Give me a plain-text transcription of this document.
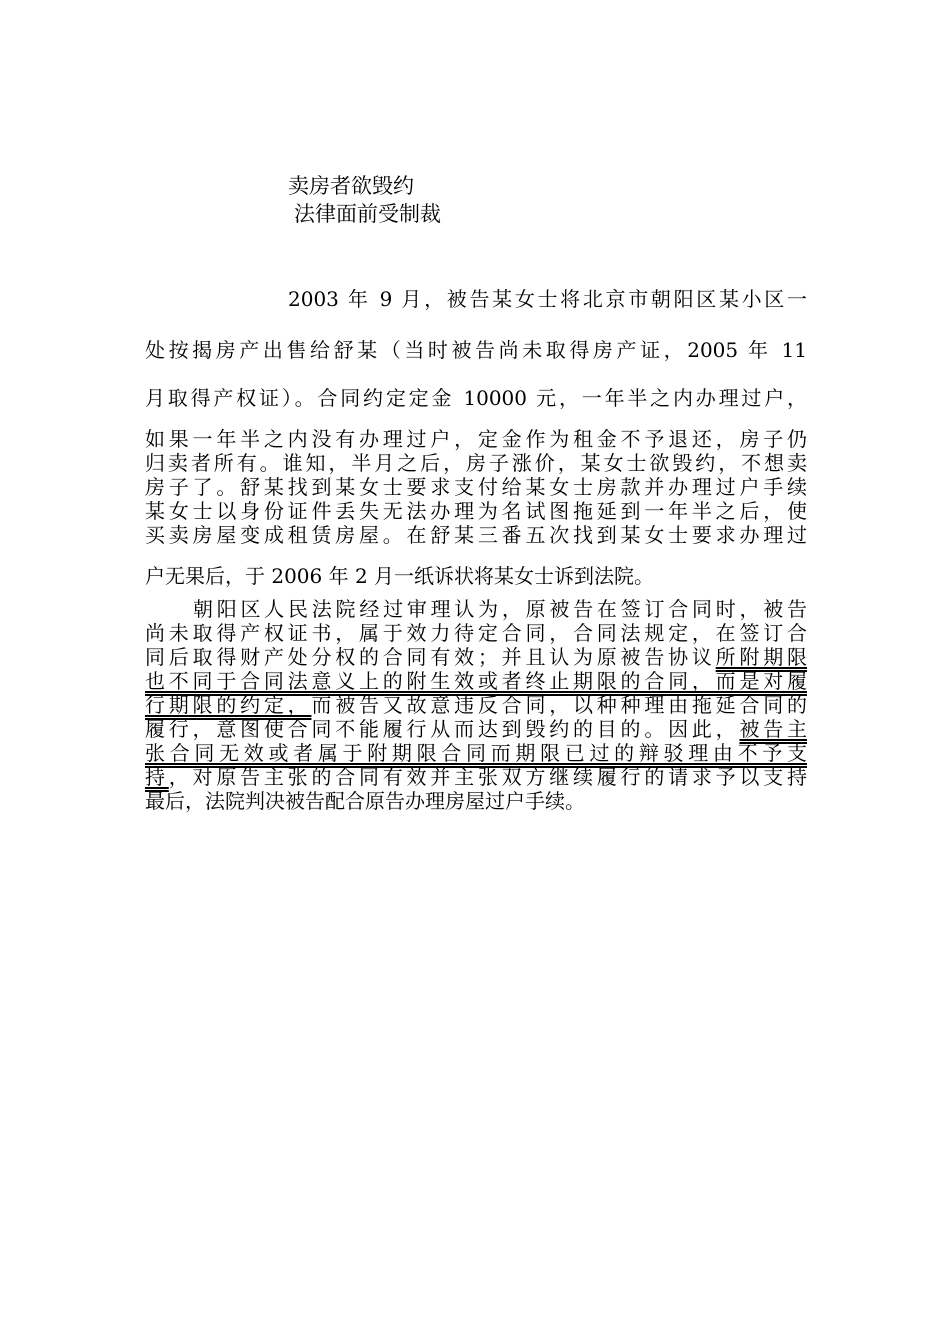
卖房者欲毁约
法律面前受制裁
2003 年 9 月，被告某女士将北京市朝阳区某小区一
处按揭房产出售给舒某（当时被告尚未取得房产证，2005 年 11
月取得产权证）。合同约定定金 10000 元，一年半之内办理过户，
如果一年半之内没有办理过户，定金作为租金不予退还，房子仍
归卖者所有。谁知，半月之后，房子涨价，某女士欲毁约，不想卖
房子了。舒某找到某女士要求支付给某女士房款并办理过户手续
某女士以身份证件丢失无法办理为名试图拖延到一年半之后，使
买卖房屋变成租赁房屋。在舒某三番五次找到某女士要求办理过
户无果后，于 2006 年 2 月一纸诉状将某女士诉到法院。
朝阳区人民法院经过审理认为，原被告在签订合同时，被告
尚未取得产权证书，属于效力待定合同，合同法规定，在签订合
同后取得财产处分权的合同有效；并且认为原被告协议所附期限
也不同于合同法意义上的附生效或者终止期限的合同，而是对履
行期限的约定，而被告又故意违反合同，以种种理由拖延合同的
履行，意图使合同不能履行从而达到毁约的目的。因此，被告主
张合同无效或者属于附期限合同而期限已过的辩驳理由不予支
持，对原告主张的合同有效并主张双方继续履行的请求予以支持
最后，法院判决被告配合原告办理房屋过户手续。
